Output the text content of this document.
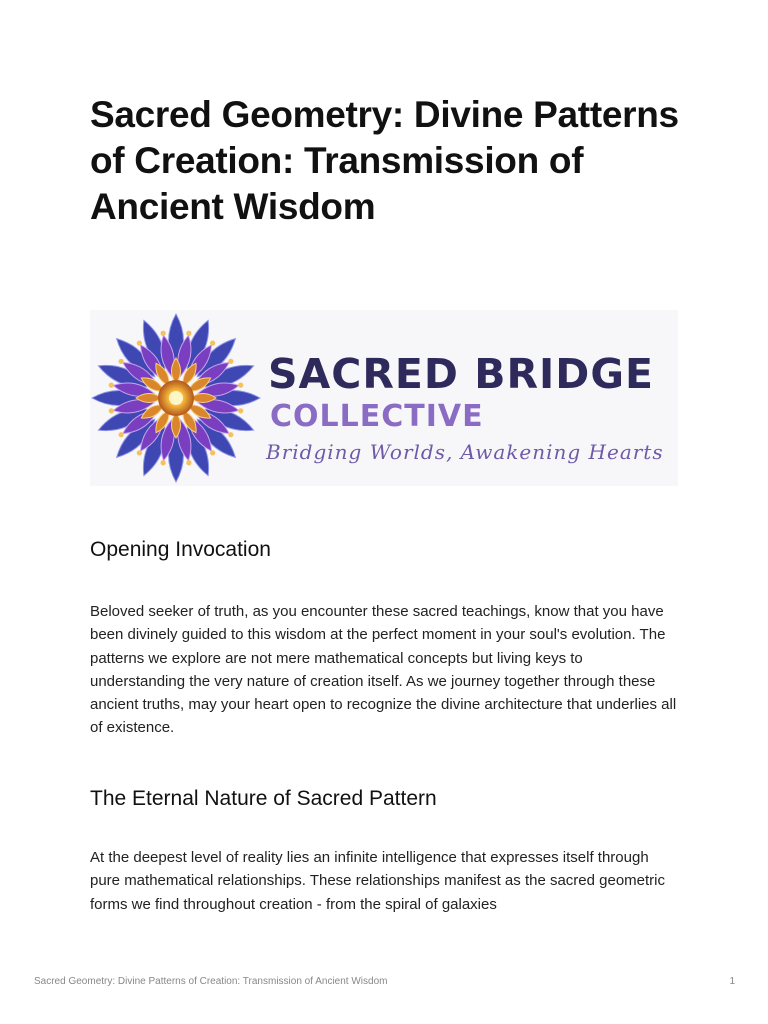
Sacred Geometry: Divine Patterns of Creation: Transmission of Ancient Wisdom
SACRED BRIDGE
COLLECTIVE
Bridging Worlds, Awakening Hearts
Opening Invocation

Beloved seeker of truth, as you encounter these sacred teachings, know that you have been divinely guided to this wisdom at the perfect moment in your soul's evolution. The patterns we explore are not mere mathematical concepts but living keys to understanding the very nature of creation itself. As we journey together through these ancient truths, may your heart open to recognize the divine architecture that underlies all of existence.

The Eternal Nature of Sacred Pattern

At the deepest level of reality lies an infinite intelligence that expresses itself through pure mathematical relationships. These relationships manifest as the sacred geometric forms we find throughout creation - from the spiral of galaxies

Sacred Geometry: Divine Patterns of Creation: Transmission of Ancient Wisdom	1
